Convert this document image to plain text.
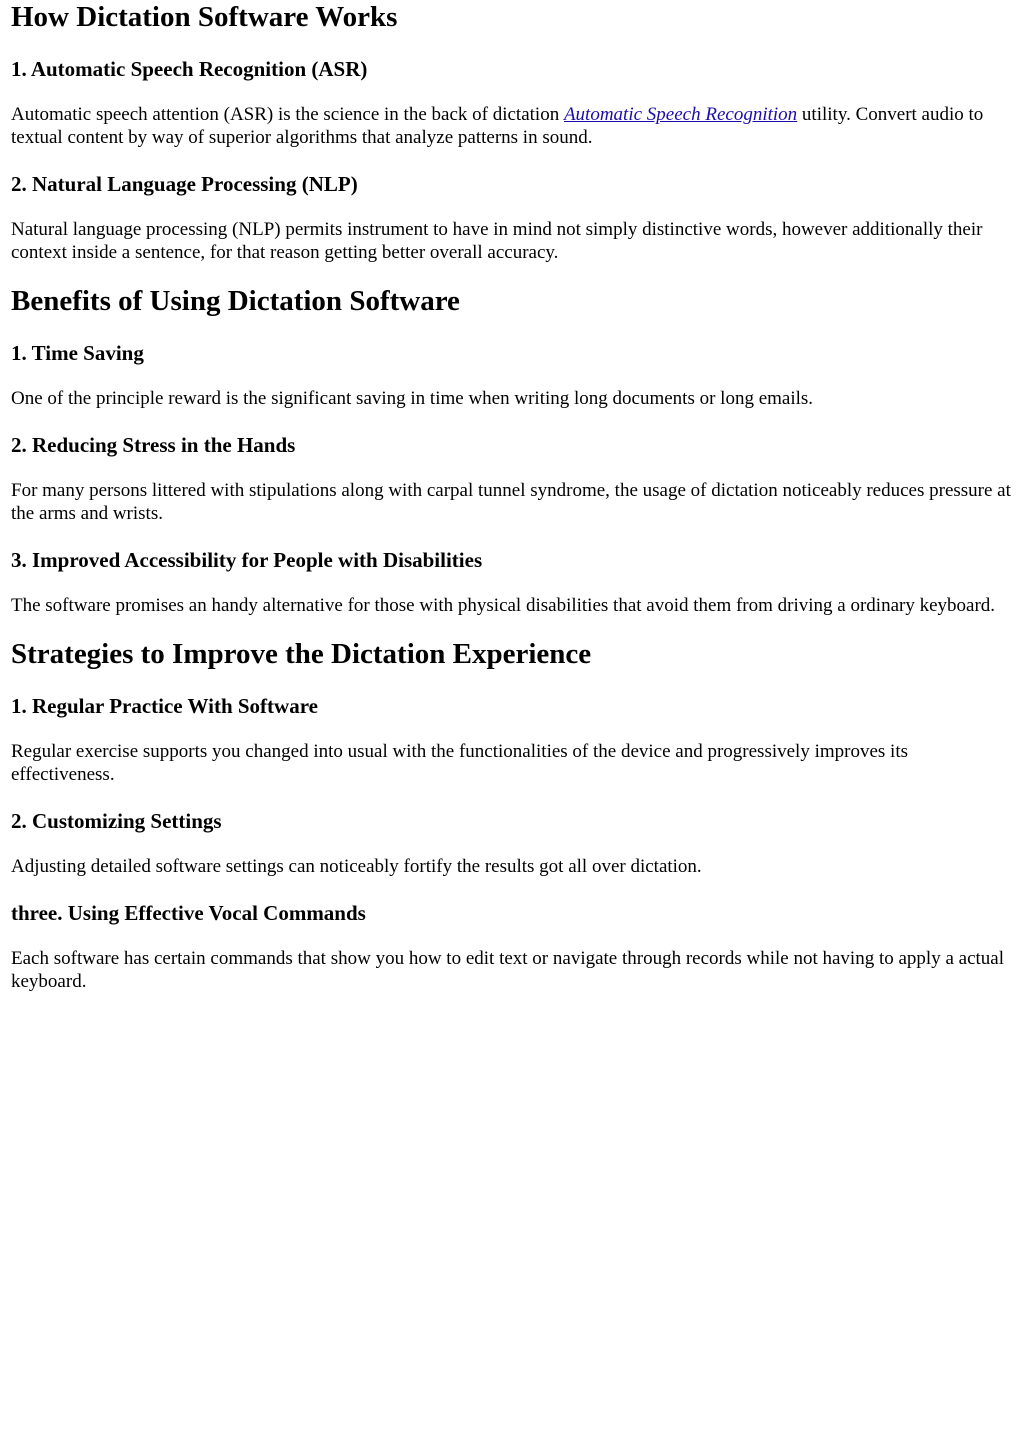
How Dictation Software Works
1. Automatic Speech Recognition (ASR)

Automatic speech attention (ASR) is the science in the back of dictation Automatic Speech Recognition utility. Convert audio to textual content by way of superior algorithms that analyze patterns in sound.

2. Natural Language Processing (NLP)

Natural language processing (NLP) permits instrument to have in mind not simply distinctive words, however additionally their context inside a sentence, for that reason getting better overall accuracy.

Benefits of Using Dictation Software
1. Time Saving

One of the principle reward is the significant saving in time when writing long documents or long emails.

2. Reducing Stress in the Hands

For many persons littered with stipulations along with carpal tunnel syndrome, the usage of dictation noticeably reduces pressure at the arms and wrists.

3. Improved Accessibility for People with Disabilities

The software promises an handy alternative for those with physical disabilities that avoid them from driving a ordinary keyboard.

Strategies to Improve the Dictation Experience
1. Regular Practice With Software

Regular exercise supports you changed into usual with the functionalities of the device and progressively improves its effectiveness.

2. Customizing Settings

Adjusting detailed software settings can noticeably fortify the results got all over dictation.

three. Using Effective Vocal Commands

Each software has certain commands that show you how to edit text or navigate through records while not having to apply a actual keyboard.
